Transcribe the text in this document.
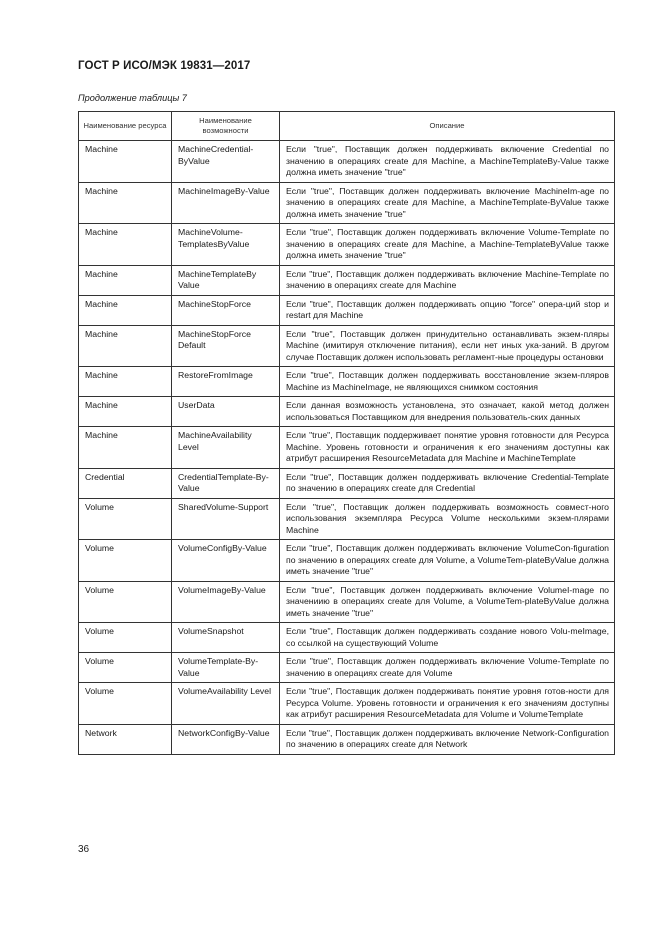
ГОСТ Р ИСО/МЭК 19831—2017
Продолжение таблицы 7
Наименование ресурса	Наименование возможности	Описание
Machine	MachineCredential-ByValue	Если "true", Поставщик должен поддерживать включение Credential по значению в операциях create для Machine, а MachineTemplateBy-Value также должна иметь значение "true"
Machine	MachineImageBy-Value	Если "true", Поставщик должен поддерживать включение MachineIm-age по значению в операциях create для Machine, а MachineTemplate-ByValue также должна иметь значение "true"
Machine	MachineVolume-TemplatesByValue	Если "true", Поставщик должен поддерживать включение Volume-Template по значению в операциях create для Machine, а Machine-TemplateByValue также должна иметь значение "true"
Machine	MachineTemplateBy Value	Если "true", Поставщик должен поддерживать включение Machine-Template по значению в операциях create для Machine
Machine	MachineStopForce	Если "true", Поставщик должен поддерживать опцию "force" опера-ций stop и restart для Machine
Machine	MachineStopForce Default	Если "true", Поставщик должен принудительно останавливать экзем-пляры Machine (имитируя отключение питания), если нет иных ука-заний. В другом случае Поставщик должен использовать регламент-ные процедуры остановки
Machine	RestoreFromImage	Если "true", Поставщик должен поддерживать восстановление экзем-пляров Machine из MachineImage, не являющихся снимком состояния
Machine	UserData	Если данная возможность установлена, это означает, какой метод должен использоваться Поставщиком для внедрения пользователь-ских данных
Machine	MachineAvailability Level	Если "true", Поставщик поддерживает понятие уровня готовности для Ресурса Machine. Уровень готовности и ограничения к его значениям доступны как атрибут расширения ResourceMetadata для Machine и MachineTemplate
Credential	CredentialTemplate-By-Value	Если "true", Поставщик должен поддерживать включение Credential-Template по значению в операциях create для Credential
Volume	SharedVolume-Support	Если "true", Поставщик должен поддерживать возможность совмест-ного использования экземпляра Ресурса Volume несколькими экзем-плярами Machine
Volume	VolumeConfigBy-Value	Если "true", Поставщик должен поддерживать включение VolumeCon-figuration по значению в операциях create для Volume, а VolumeTem-plateByValue должна иметь значение "true"
Volume	VolumeImageBy-Value	Если "true", Поставщик должен поддерживать включение VolumeI-mage по значениию в операциях create для Volume, а VolumeTem-plateByValue должна иметь значение "true"
Volume	VolumeSnapshot	Если "true", Поставщик должен поддерживать создание нового Volu-meImage, со ссылкой на существующий Volume
Volume	VolumeTemplate-By-Value	Если "true", Поставщик должен поддерживать включение Volume-Template по значению в операциях create для Volume
Volume	VolumeAvailability Level	Если "true", Поставщик должен поддерживать понятие уровня готов-ности для Ресурса Volume. Уровень готовности и ограничения к его значениям доступны как атрибут расширения ResourceMetadata для Volume и VolumeTemplate
Network	NetworkConfigBy-Value	Если "true", Поставщик должен поддерживать включение Network-Configuration по значению в операциях create для Network
36
